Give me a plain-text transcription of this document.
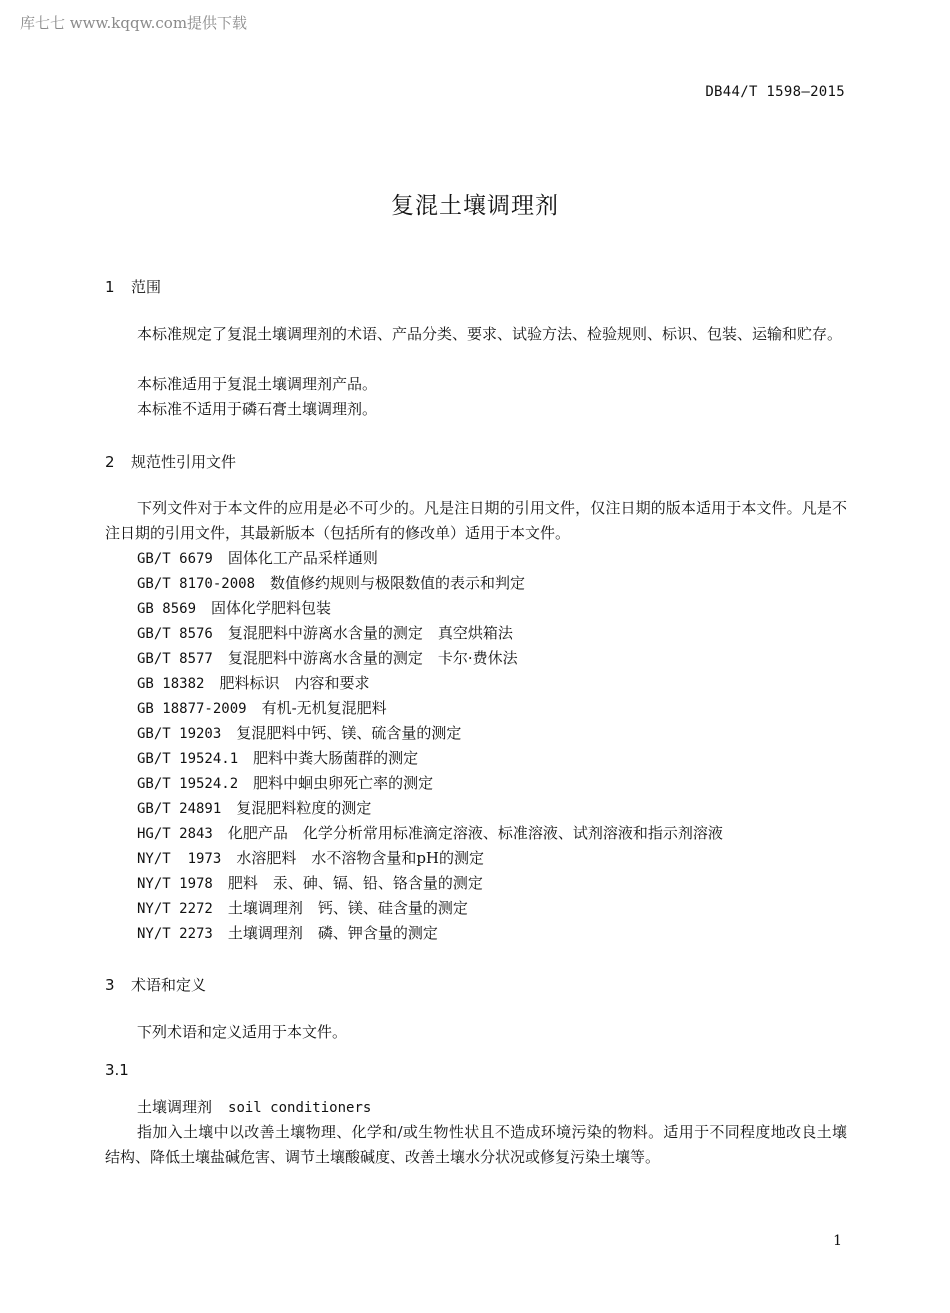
库七七 www.kqqw.com提供下载
DB44/T 1598—2015
复混土壤调理剂
1 范围
本标准规定了复混土壤调理剂的术语、产品分类、要求、试验方法、检验规则、标识、包装、运输和贮存。
本标准适用于复混土壤调理剂产品。
本标准不适用于磷石膏土壤调理剂。
2 规范性引用文件
下列文件对于本文件的应用是必不可少的。凡是注日期的引用文件，仅注日期的版本适用于本文件。凡是不注日期的引用文件，其最新版本（包括所有的修改单）适用于本文件。
GB/T 6679　 固体化工产品采样通则
GB/T 8170-2008　 数值修约规则与极限数值的表示和判定
GB 8569　 固体化学肥料包装
GB/T 8576　 复混肥料中游离水含量的测定　真空烘箱法
GB/T 8577　 复混肥料中游离水含量的测定　卡尔·费休法
GB 18382　 肥料标识　内容和要求
GB 18877-2009　 有机-无机复混肥料
GB/T 19203　 复混肥料中钙、镁、硫含量的测定
GB/T 19524.1　 肥料中粪大肠菌群的测定
GB/T 19524.2　 肥料中蛔虫卵死亡率的测定
GB/T 24891　 复混肥料粒度的测定
HG/T 2843　 化肥产品　化学分析常用标准滴定溶液、标准溶液、试剂溶液和指示剂溶液
NY/T  1973　 水溶肥料　水不溶物含量和pH的测定
NY/T 1978　 肥料　汞、砷、镉、铅、铬含量的测定
NY/T 2272　 土壤调理剂　钙、镁、硅含量的测定
NY/T 2273　 土壤调理剂　磷、钾含量的测定
3 术语和定义
下列术语和定义适用于本文件。
3.1
土壤调理剂 soil conditioners
指加入土壤中以改善土壤物理、化学和/或生物性状且不造成环境污染的物料。适用于不同程度地改良土壤结构、降低土壤盐碱危害、调节土壤酸碱度、改善土壤水分状况或修复污染土壤等。
1
